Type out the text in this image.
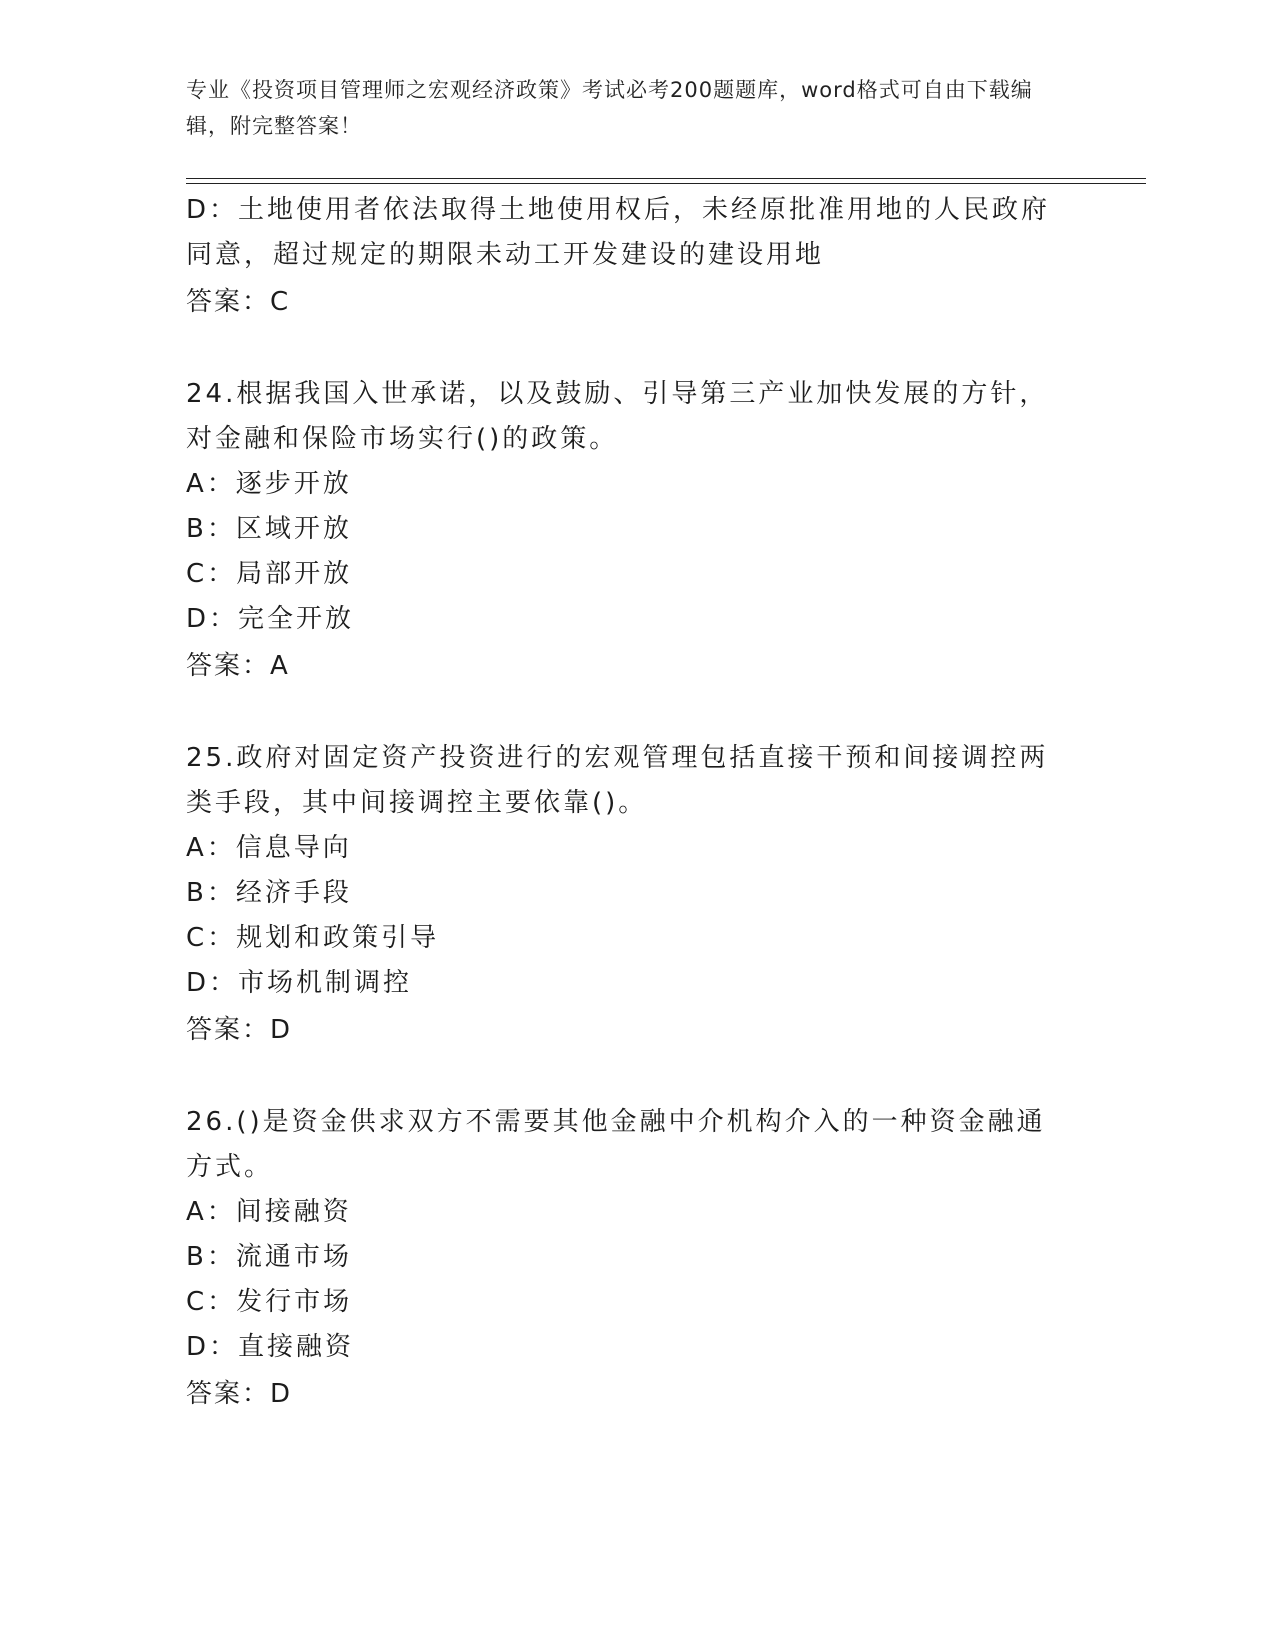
专业《投资项目管理师之宏观经济政策》考试必考200题题库，word格式可自由下载编辑，附完整答案！
D：土地使用者依法取得土地使用权后，未经原批准用地的人民政府同意，超过规定的期限未动工开发建设的建设用地
答案：C
24.根据我国入世承诺，以及鼓励、引导第三产业加快发展的方针，对金融和保险市场实行()的政策。
A：逐步开放
B：区域开放
C：局部开放
D：完全开放
答案：A
25.政府对固定资产投资进行的宏观管理包括直接干预和间接调控两类手段，其中间接调控主要依靠()。
A：信息导向
B：经济手段
C：规划和政策引导
D：市场机制调控
答案：D
26.()是资金供求双方不需要其他金融中介机构介入的一种资金融通方式。
A：间接融资
B：流通市场
C：发行市场
D：直接融资
答案：D
